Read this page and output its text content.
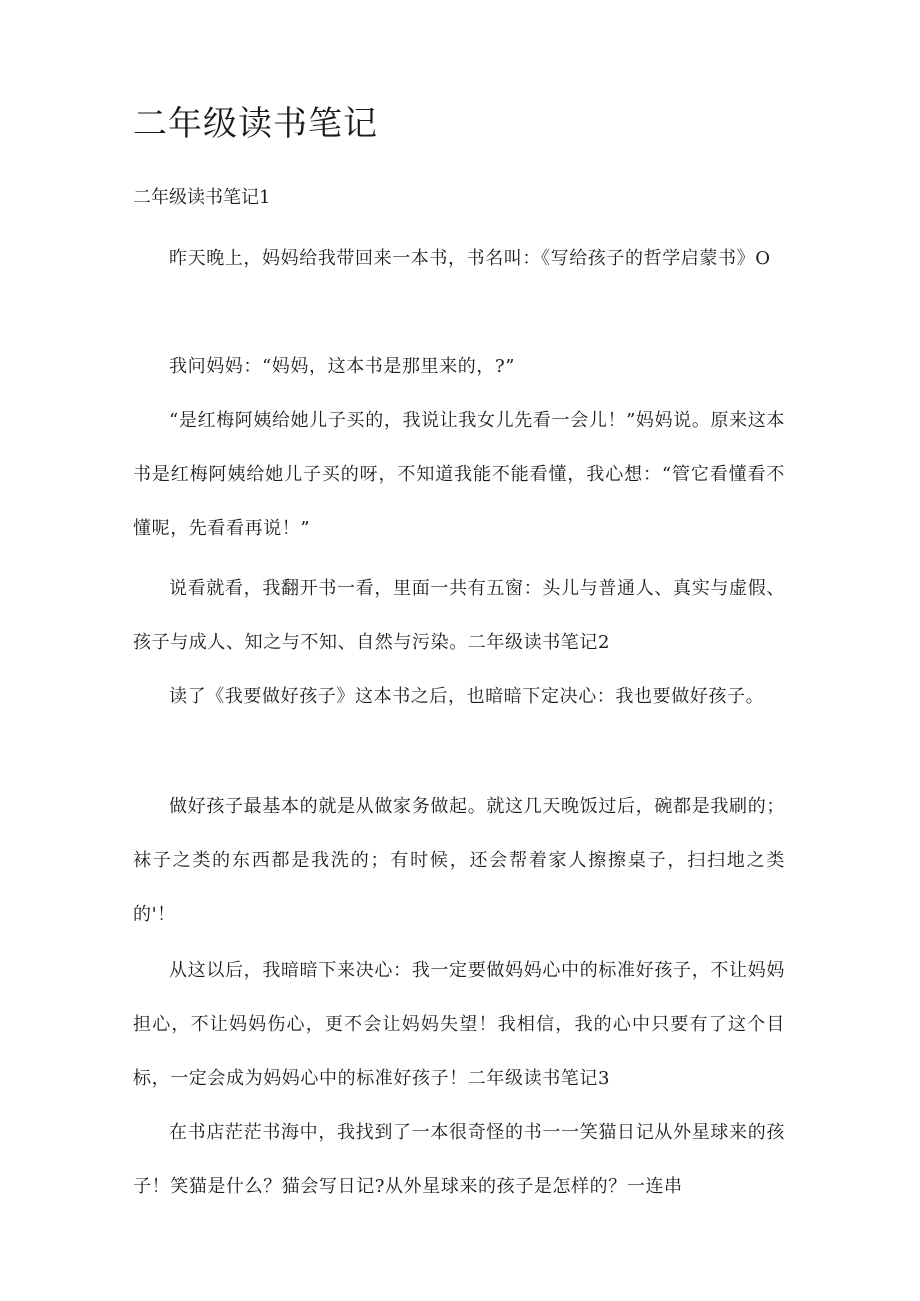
二年级读书笔记

二年级读书笔记1

昨天晚上，妈妈给我带回来一本书，书名叫：《写给孩子的哲学启蒙书》O

我问妈妈：“妈妈，这本书是那里来的，?”

“是红梅阿姨给她儿子买的，我说让我女儿先看一会儿！”妈妈说。原来这本书是红梅阿姨给她儿子买的呀，不知道我能不能看懂，我心想：“管它看懂看不懂呢，先看看再说！”

说看就看，我翻开书一看，里面一共有五窗：头儿与普通人、真实与虚假、孩子与成人、知之与不知、自然与污染。二年级读书笔记2

读了《我要做好孩子》这本书之后，也暗暗下定决心：我也要做好孩子。

做好孩子最基本的就是从做家务做起。就这几天晚饭过后，碗都是我刷的；袜子之类的东西都是我洗的；有时候，还会帮着家人擦擦桌子，扫扫地之类的'！

从这以后，我暗暗下来决心：我一定要做妈妈心中的标准好孩子，不让妈妈担心，不让妈妈伤心，更不会让妈妈失望！我相信，我的心中只要有了这个目标，一定会成为妈妈心中的标准好孩子！二年级读书笔记3

在书店茫茫书海中，我找到了一本很奇怪的书一一笑猫日记从外星球来的孩子！笑猫是什么？猫会写日记?从外星球来的孩子是怎样的？一连串
